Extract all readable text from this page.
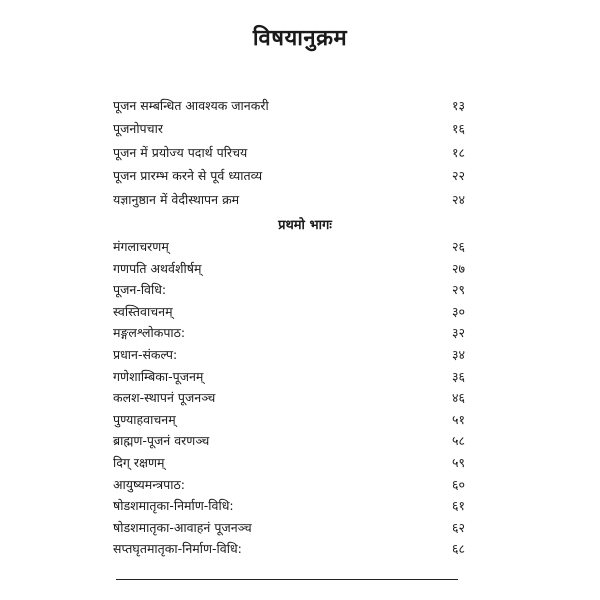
विषयानुक्रम
पूजन सम्बन्धित आवश्यक जानकरी	१३
पूजनोपचार	१६
पूजन में प्रयोज्य पदार्थ परिचय	१८
पूजन प्रारम्भ करने से पूर्व ध्यातव्य	२२
यज्ञानुष्ठान में वेदीस्थापन क्रम	२४
प्रथमो भागः
मंगलाचरणम्	२६
गणपति अथर्वशीर्षम्	२७
पूजन-विधि:	२९
स्वस्तिवाचनम्	३०
मङ्गलश्लोकपाठ:	३२
प्रधान-संकल्प:	३४
गणेशाम्बिका-पूजनम्	३६
कलश-स्थापनं पूजनञ्च	४६
पुण्याहवाचनम्	५१
ब्राह्मण-पूजनं वरणञ्च	५८
दिग् रक्षणम्	५९
आयुष्यमन्त्रपाठ:	६०
षोडशमातृका-निर्माण-विधि:	६१
षोडशमातृका-आवाहनं पूजनञ्च	६२
सप्तघृतमातृका-निर्माण-विधि:	६८
